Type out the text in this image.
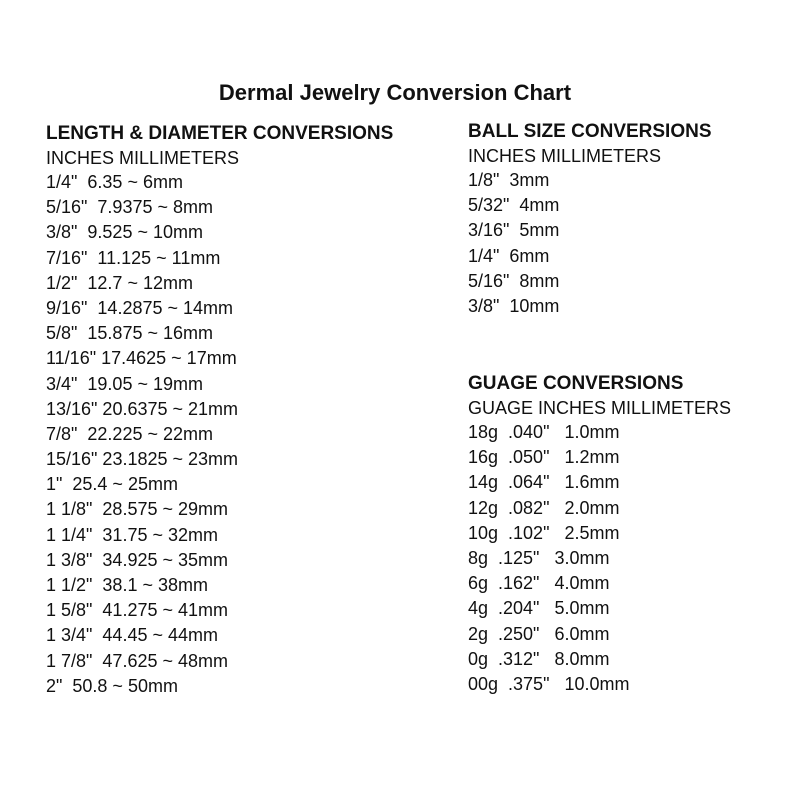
Dermal Jewelry Conversion Chart
LENGTH & DIAMETER CONVERSIONS
INCHES MILLIMETERS
1/4"  6.35 ~ 6mm
5/16"  7.9375 ~ 8mm
3/8"  9.525 ~ 10mm
7/16"  11.125 ~ 11mm
1/2"  12.7 ~ 12mm
9/16"  14.2875 ~ 14mm
5/8"  15.875 ~ 16mm
11/16" 17.4625 ~ 17mm
3/4"  19.05 ~ 19mm
13/16" 20.6375 ~ 21mm
7/8"  22.225 ~ 22mm
15/16" 23.1825 ~ 23mm
1"  25.4 ~ 25mm
1 1/8"  28.575 ~ 29mm
1 1/4"  31.75 ~ 32mm
1 3/8"  34.925 ~ 35mm
1 1/2"  38.1 ~ 38mm
1 5/8"  41.275 ~ 41mm
1 3/4"  44.45 ~ 44mm
1 7/8"  47.625 ~ 48mm
2"  50.8 ~ 50mm
BALL SIZE CONVERSIONS
INCHES MILLIMETERS
1/8"  3mm
5/32"  4mm
3/16"  5mm
1/4"  6mm
5/16"  8mm
3/8"  10mm
GUAGE CONVERSIONS
GUAGE INCHES MILLIMETERS
18g  .040"   1.0mm
16g  .050"   1.2mm
14g  .064"   1.6mm
12g  .082"   2.0mm
10g  .102"   2.5mm
8g  .125"   3.0mm
6g  .162"   4.0mm
4g  .204"   5.0mm
2g  .250"   6.0mm
0g  .312"   8.0mm
00g  .375"   10.0mm
